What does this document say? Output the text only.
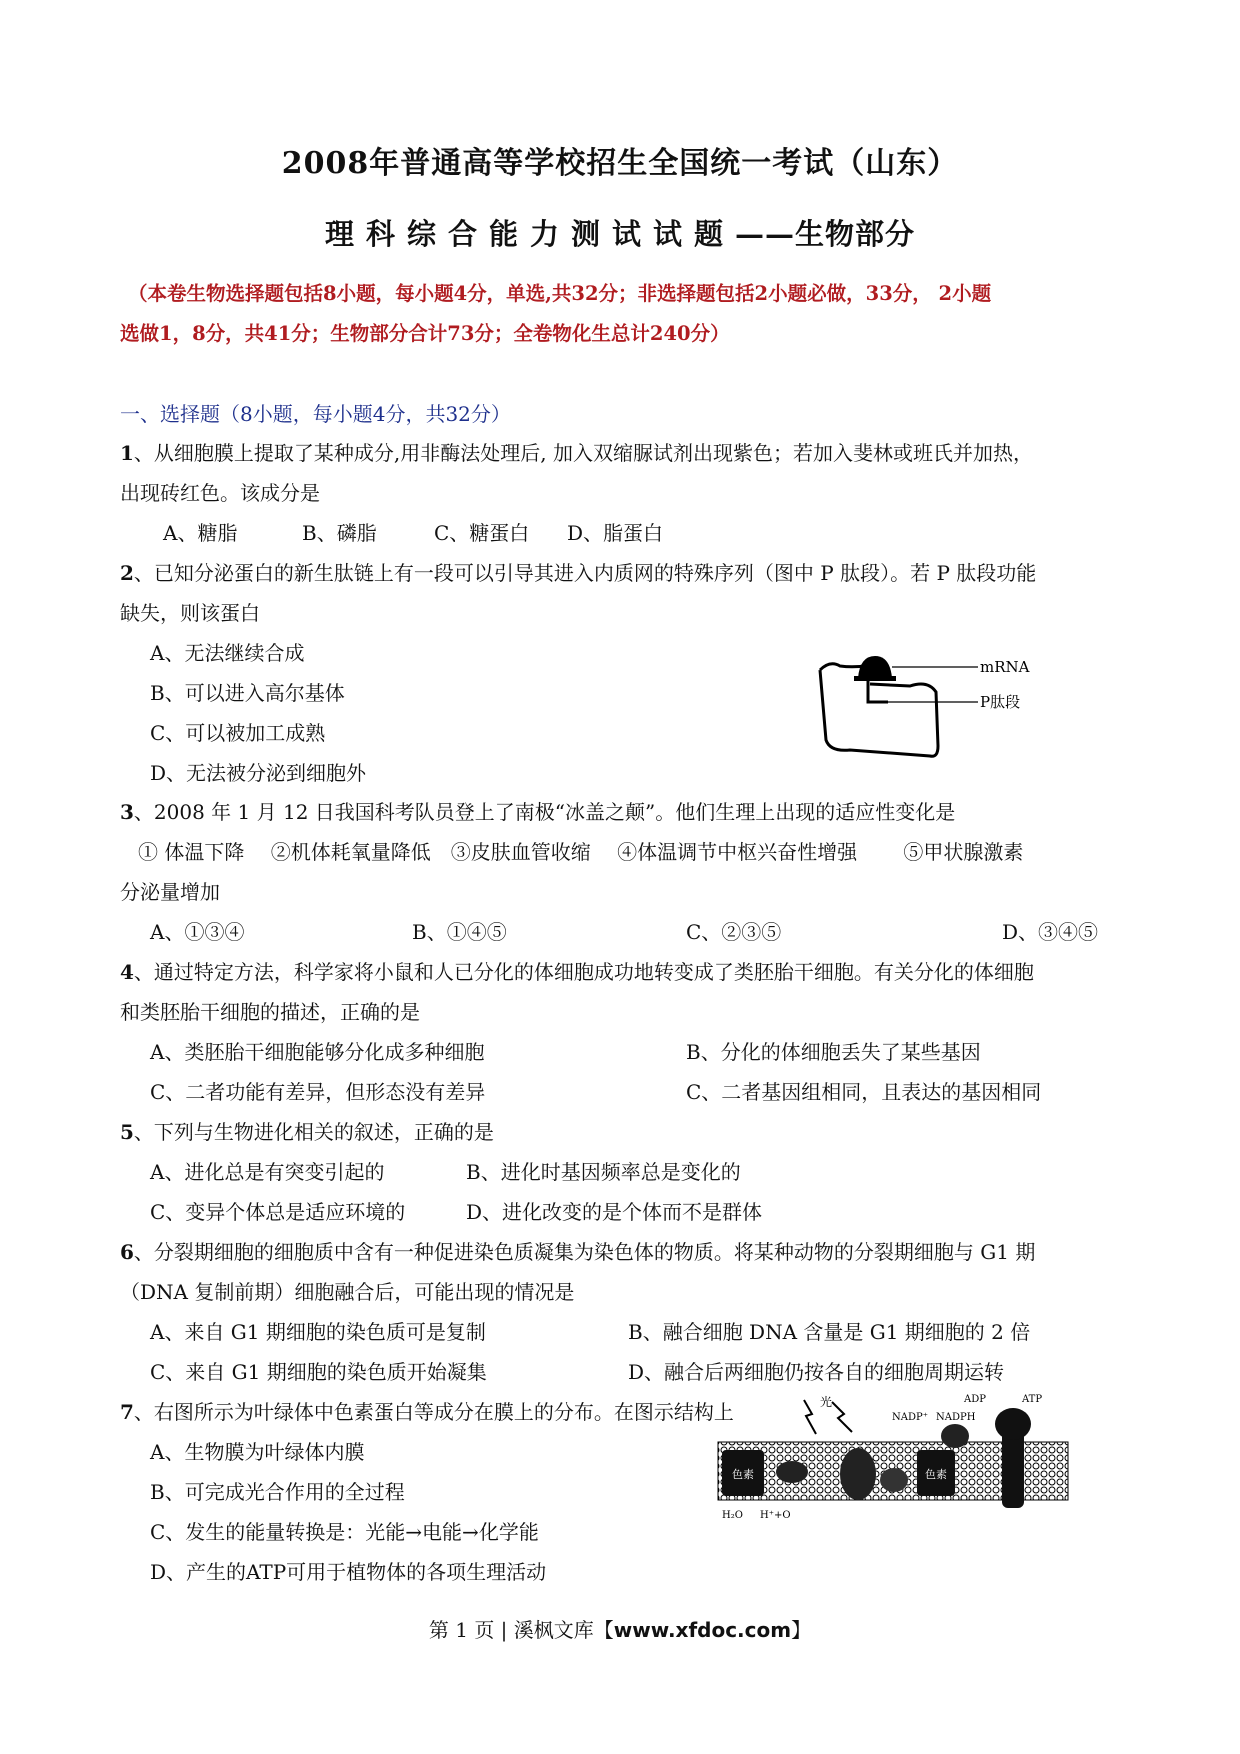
2008年普通高等学校招生全国统一考试（山东）
理科综合能力测试试题——生物部分
（本卷生物选择题包括8小题，每小题4分，单选,共32分；非选择题包括2小题必做，33分， 2小题
选做1，8分，共41分；生物部分合计73分；全卷物化生总计240分）
一、选择题（8小题，每小题4分，共32分）
1、从细胞膜上提取了某种成分,用非酶法处理后, 加入双缩脲试剂出现紫色；若加入斐林或班氏并加热，
出现砖红色。该成分是
A、糖脂	B、磷脂	C、糖蛋白 D、脂蛋白
2、已知分泌蛋白的新生肽链上有一段可以引导其进入内质网的特殊序列（图中 P 肽段）。若 P 肽段功能
缺失，则该蛋白
A、无法继续合成
B、可以进入高尔基体
C、可以被加工成熟
D、无法被分泌到细胞外
mRNA
P肽段
3、2008 年 1 月 12 日我国科考队员登上了南极“冰盖之颠”。他们生理上出现的适应性变化是
① 体温下降　 ②机体耗氧量降低　③皮肤血管收缩　 ④体温调节中枢兴奋性增强　　 ⑤甲状腺激素
分泌量增加
A、①③④	B、①④⑤	C、②③⑤	D、③④⑤
4、通过特定方法，科学家将小鼠和人已分化的体细胞成功地转变成了类胚胎干细胞。有关分化的体细胞
和类胚胎干细胞的描述，正确的是
A、类胚胎干细胞能够分化成多种细胞	B、分化的体细胞丢失了某些基因
C、二者功能有差异，但形态没有差异	C、二者基因组相同，且表达的基因相同
5、下列与生物进化相关的叙述，正确的是
A、进化总是有突变引起的	B、进化时基因频率总是变化的
C、变异个体总是适应环境的	D、进化改变的是个体而不是群体
6、分裂期细胞的细胞质中含有一种促进染色质凝集为染色体的物质。将某种动物的分裂期细胞与 G1 期
（DNA 复制前期）细胞融合后，可能出现的情况是
A、来自 G1 期细胞的染色质可是复制	B、融合细胞 DNA 含量是 G1 期细胞的 2 倍
C、来自 G1 期细胞的染色质开始凝集	D、融合后两细胞仍按各自的细胞周期运转
7、右图所示为叶绿体中色素蛋白等成分在膜上的分布。在图示结构上
A、生物膜为叶绿体内膜
B、可完成光合作用的全过程
C、发生的能量转换是：光能→电能→化学能
D、产生的ATP可用于植物体的各项生理活动
色素	色素
光	ADP	ATP
NADP⁺ NADPH
H₂O H⁺+O
第 1 页 | 溪枫文库【www.xfdoc.com】
